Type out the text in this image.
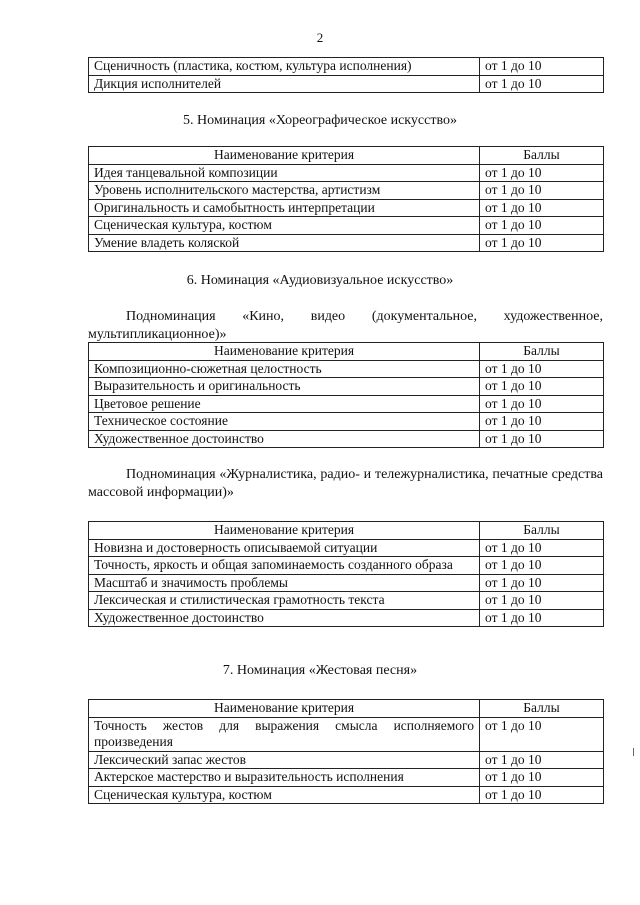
2
Сценичность (пластика, костюм, культура исполнения)	от 1 до 10
Дикция исполнителей	от 1 до 10
5. Номинация «Хореографическое искусство»
Наименование критерия	Баллы
Идея танцевальной композиции	от 1 до 10
Уровень исполнительского мастерства, артистизм	от 1 до 10
Оригинальность и самобытность интерпретации	от 1 до 10
Сценическая культура, костюм	от 1 до 10
Умение владеть коляской	от 1 до 10
6. Номинация «Аудиовизуальное искусство»
Подноминация «Кино, видео (документальное, художественное, мультипликационное)»
Наименование критерия	Баллы
Композиционно-сюжетная целостность	от 1 до 10
Выразительность и оригинальность	от 1 до 10
Цветовое решение	от 1 до 10
Техническое состояние	от 1 до 10
Художественное достоинство	от 1 до 10
Подноминация «Журналистика, радио- и тележурналистика, печатные средства массовой информации)»
Наименование критерия	Баллы
Новизна и достоверность описываемой ситуации	от 1 до 10
Точность, яркость и общая запоминаемость созданного образа	от 1 до 10
Масштаб и значимость проблемы	от 1 до 10
Лексическая и стилистическая грамотность текста	от 1 до 10
Художественное достоинство	от 1 до 10
7. Номинация «Жестовая песня»
Наименование критерия	Баллы
Точность жестов для выражения смысла исполняемого произведения	от 1 до 10
Лексический запас жестов	от 1 до 10
Актерское мастерство и выразительность исполнения	от 1 до 10
Сценическая культура, костюм	от 1 до 10
